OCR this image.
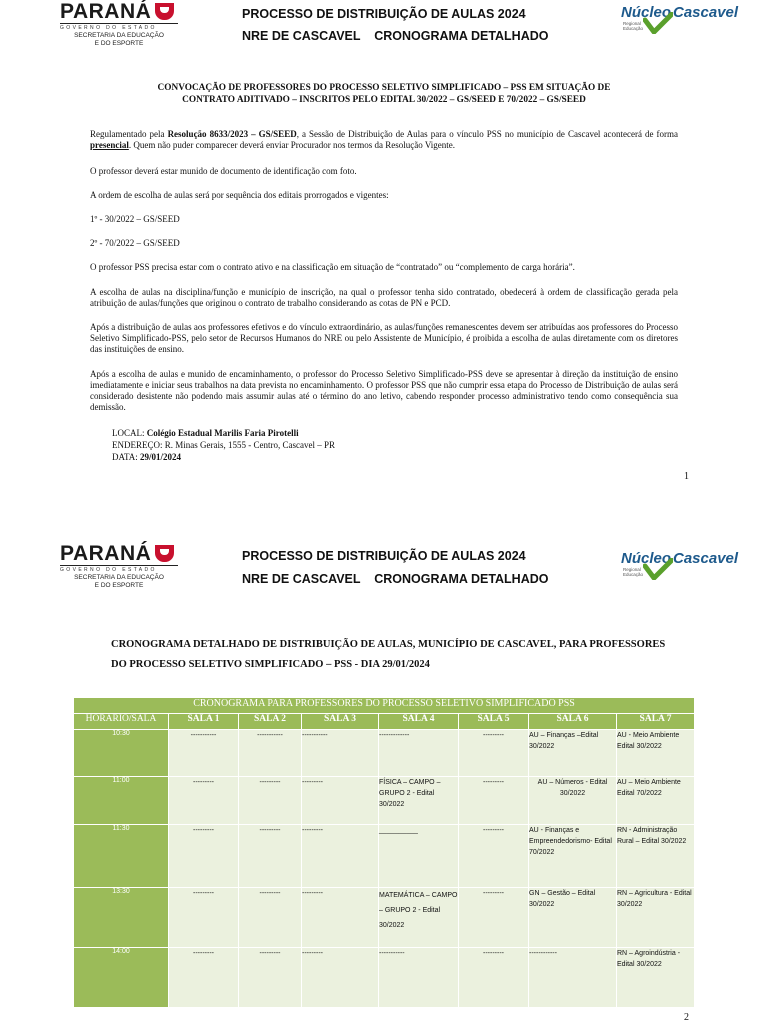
PARANÁ
GOVERNO DO ESTADO
SECRETARIA DA EDUCAÇÃO
E DO ESPORTE
PROCESSO DE DISTRIBUIÇÃO DE AULAS 2024
NRE DE CASCAVEL    CRONOGRAMA DETALHADO
Núcleo Cascavel
Regional
Educação
CONVOCAÇÃO DE PROFESSORES DO PROCESSO SELETIVO SIMPLIFICADO – PSS EM SITUAÇÃO DE CONTRATO ADITIVADO – INSCRITOS PELO EDITAL 30/2022 – GS/SEED E 70/2022 – GS/SEED
Regulamentado pela Resolução 8633/2023 – GS/SEED, a Sessão de Distribuição de Aulas para o vínculo PSS no município de Cascavel acontecerá de forma presencial. Quem não puder comparecer deverá enviar Procurador nos termos da Resolução Vigente.
O professor deverá estar munido de documento de identificação com foto.
A ordem de escolha de aulas será por sequência dos editais prorrogados e vigentes:
1º - 30/2022 – GS/SEED
2º - 70/2022 – GS/SEED
O professor PSS precisa estar com o contrato ativo e na classificação em situação de “contratado” ou “complemento de carga horária”.
A escolha de aulas na disciplina/função e município de inscrição, na qual o professor tenha sido contratado, obedecerá à ordem de classificação gerada pela atribuição de aulas/funções que originou o contrato de trabalho considerando as cotas de PN e PCD.
Após a distribuição de aulas aos professores efetivos e do vínculo extraordinário, as aulas/funções remanescentes devem ser atribuídas aos professores do Processo Seletivo Simplificado-PSS, pelo setor de Recursos Humanos do NRE ou pelo Assistente de Município, é proibida a escolha de aulas diretamente com os diretores das instituições de ensino.
Após a escolha de aulas e munido de encaminhamento, o professor do Processo Seletivo Simplificado-PSS deve se apresentar à direção da instituição de ensino imediatamente e iniciar seus trabalhos na data prevista no encaminhamento. O professor PSS que não cumprir essa etapa do Processo de Distribuição de aulas será considerado desistente não podendo mais assumir aulas até o término do ano letivo, cabendo responder processo administrativo tendo como consequência sua demissão.
LOCAL: Colégio Estadual Marilis Faria Pirotelli
ENDEREÇO: R. Minas Gerais, 1555 - Centro, Cascavel – PR
DATA: 29/01/2024
1
PARANÁ
GOVERNO DO ESTADO
SECRETARIA DA EDUCAÇÃO
E DO ESPORTE
PROCESSO DE DISTRIBUIÇÃO DE AULAS 2024
NRE DE CASCAVEL    CRONOGRAMA DETALHADO
Núcleo Cascavel
Regional
Educação
CRONOGRAMA DETALHADO DE DISTRIBUIÇÃO DE AULAS, MUNICÍPIO DE CASCAVEL, PARA PROFESSORES
DO PROCESSO SELETIVO SIMPLIFICADO – PSS - DIA 29/01/2024
CRONOGRAMA PARA PROFESSORES DO PROCESSO SELETIVO SIMPLIFICADO PSS							
HORARIO/SALA	SALA 1	SALA 2	SALA 3	SALA 4	SALA 5	SALA 6	SALA 7
10:30	-----------	-----------	-----------	-------------	---------	AU – Finanças –Edital 30/2022	AU - Meio Ambiente Edital 30/2022
11:00	---------	---------	---------	FÍSICA – CAMPO – GRUPO 2 - Edital 30/2022	---------	AU – Números - Edital 30/2022	AU – Meio Ambiente Edital 70/2022
11:30	---------	---------	---------	__________	---------	AU - Finanças e Empreendedorismo- Edital 70/2022	RN - Administração Rural – Edital 30/2022
13:30	---------	---------	---------	MATEMÁTICA – CAMPO – GRUPO 2 - Edital 30/2022	---------	GN – Gestão – Edital 30/2022	RN – Agricultura - Edital 30/2022
14:00	---------	---------	---------	-----------	---------	------------	RN – Agroindústria - Edital 30/2022
2
